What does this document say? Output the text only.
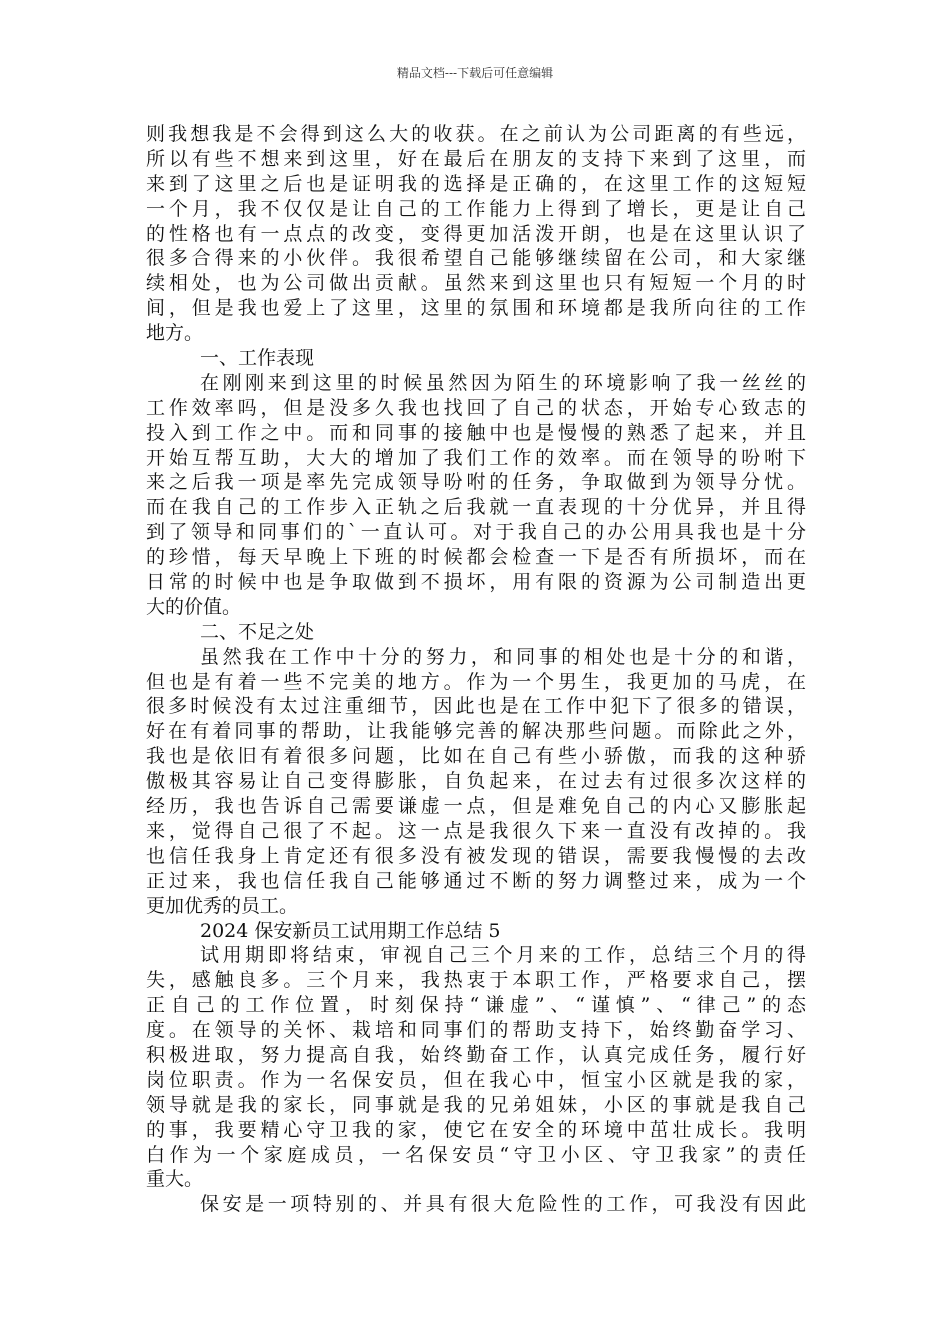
精品文档---下载后可任意编辑
则我想我是不会得到这么大的收获。在之前认为公司距离的有些远，
所以有些不想来到这里，好在最后在朋友的支持下来到了这里，而
来到了这里之后也是证明我的选择是正确的，在这里工作的这短短
一个月，我不仅仅是让自己的工作能力上得到了增长，更是让自己
的性格也有一点点的改变，变得更加活泼开朗，也是在这里认识了
很多合得来的小伙伴。我很希望自己能够继续留在公司，和大家继
续相处，也为公司做出贡献。虽然来到这里也只有短短一个月的时
间，但是我也爱上了这里，这里的氛围和环境都是我所向往的工作
地方。
一、工作表现
在刚刚来到这里的时候虽然因为陌生的环境影响了我一丝丝的
工作效率吗，但是没多久我也找回了自己的状态，开始专心致志的
投入到工作之中。而和同事的接触中也是慢慢的熟悉了起来，并且
开始互帮互助，大大的增加了我们工作的效率。而在领导的吩咐下
来之后我一项是率先完成领导吩咐的任务，争取做到为领导分忧。
而在我自己的工作步入正轨之后我就一直表现的十分优异，并且得
到了领导和同事们的`一直认可。对于我自己的办公用具我也是十分
的珍惜，每天早晚上下班的时候都会检查一下是否有所损坏，而在
日常的时候中也是争取做到不损坏，用有限的资源为公司制造出更
大的价值。
二、不足之处
虽然我在工作中十分的努力，和同事的相处也是十分的和谐，
但也是有着一些不完美的地方。作为一个男生，我更加的马虎，在
很多时候没有太过注重细节，因此也是在工作中犯下了很多的错误，
好在有着同事的帮助，让我能够完善的解决那些问题。而除此之外，
我也是依旧有着很多问题，比如在自己有些小骄傲，而我的这种骄
傲极其容易让自己变得膨胀，自负起来，在过去有过很多次这样的
经历，我也告诉自己需要谦虚一点，但是难免自己的内心又膨胀起
来，觉得自己很了不起。这一点是我很久下来一直没有改掉的。我
也信任我身上肯定还有很多没有被发现的错误，需要我慢慢的去改
正过来，我也信任我自己能够通过不断的努力调整过来，成为一个
更加优秀的员工。
2024 保安新员工试用期工作总结 5
试用期即将结束，审视自己三个月来的工作，总结三个月的得
失，感触良多。三个月来，我热衷于本职工作，严格要求自己，摆
正自己的工作位置，时刻保持“谦虚”、“谨慎”、“律己”的态
度。在领导的关怀、栽培和同事们的帮助支持下，始终勤奋学习、
积极进取，努力提高自我，始终勤奋工作，认真完成任务，履行好
岗位职责。作为一名保安员，但在我心中，恒宝小区就是我的家，
领导就是我的家长，同事就是我的兄弟姐妹，小区的事就是我自己
的事，我要精心守卫我的家，使它在安全的环境中茁壮成长。我明
白作为一个家庭成员，一名保安员“守卫小区、守卫我家”的责任
重大。
保安是一项特别的、并具有很大危险性的工作，可我没有因此
